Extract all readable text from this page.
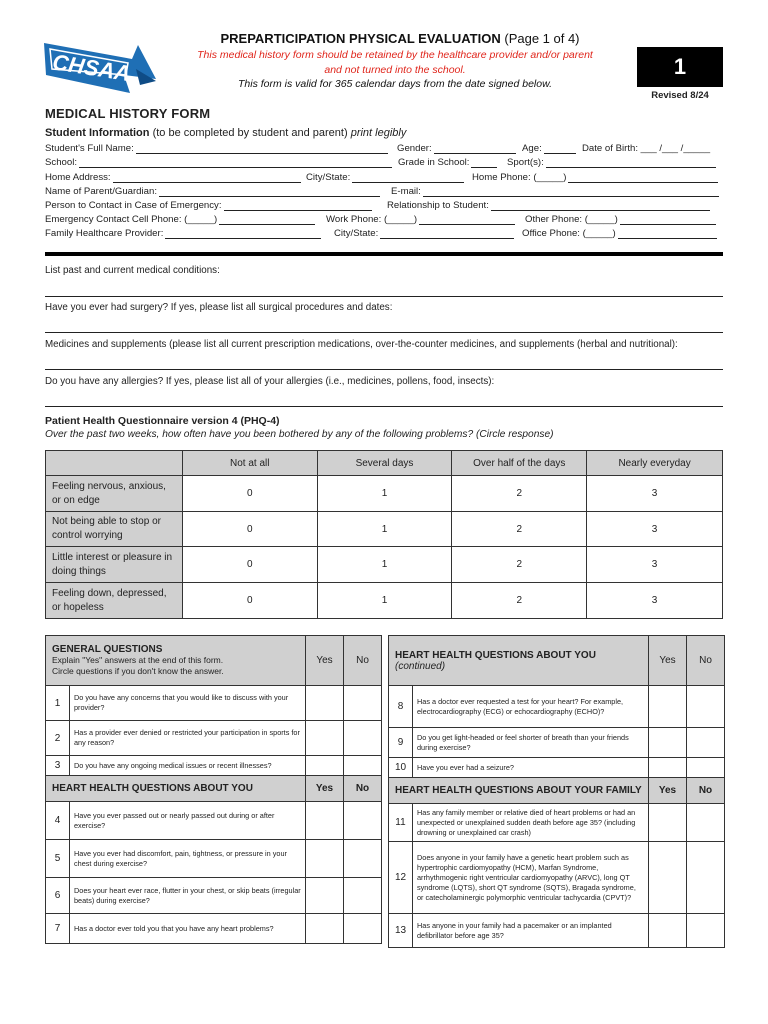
CHSAA
PREPARTICIPATION PHYSICAL EVALUATION (Page 1 of 4)
This medical history form should be retained by the healthcare provider and/or parent
and not turned into the school.
This form is valid for 365 calendar days from the date signed below.
1
Revised 8/24
MEDICAL HISTORY FORM
Student Information (to be completed by student and parent) print legibly
Student's Full Name:	Gender:	Age:	Date of Birth:
___ /___ /_____
School:	Grade in School:	Sport(s):
Home Address:	City/State:	Home Phone: (_____)
Name of Parent/Guardian:	E-mail:
Person to Contact in Case of Emergency:	Relationship to Student:
Emergency Contact Cell Phone: (_____)	Work Phone: (_____)	Other Phone: (_____)
Family Healthcare Provider:	City/State:	Office Phone: (_____)
List past and current medical conditions:
Have you ever had surgery? If yes, please list all surgical procedures and dates:
Medicines and supplements (please list all current prescription medications, over-the-counter medicines, and supplements (herbal and nutritional):
Do you have any allergies? If yes, please list all of your allergies (i.e., medicines, pollens, food, insects):
Patient Health Questionnaire version 4 (PHQ-4)
Over the past two weeks, how often have you been bothered by any of the following problems? (Circle response)
	Not at all	Several days	Over half of the days	Nearly everyday
Feeling nervous, anxious, or on edge	0	1	2	3
Not being able to stop or control worrying	0	1	2	3
Little interest or pleasure in doing things	0	1	2	3
Feeling down, depressed, or hopeless	0	1	2	3
GENERAL QUESTIONS
Explain "Yes" answers at the end of this form.
Circle questions if you don't know the answer.		Yes	No
1	Do you have any concerns that you would like to discuss with your provider?		
2	Has a provider ever denied or restricted your participation in sports for any reason?		
3	Do you have any ongoing medical issues or recent illnesses?		
HEART HEALTH QUESTIONS ABOUT YOU		Yes	No
4	Have you ever passed out or nearly passed out during or after exercise?		
5	Have you ever had discomfort, pain, tightness, or pressure in your chest during exercise?		
6	Does your heart ever race, flutter in your chest, or skip beats (irregular beats) during exercise?		
7	Has a doctor ever told you that you have any heart problems?		
HEART HEALTH QUESTIONS ABOUT YOU
(continued)		Yes	No
8	Has a doctor ever requested a test for your heart? For example, electrocardiography (ECG) or echocardiography (ECHO)?		
9	Do you get light-headed or feel shorter of breath than your friends during exercise?		
10	Have you ever had a seizure?		
HEART HEALTH QUESTIONS ABOUT YOUR FAMILY		Yes	No
11	Has any family member or relative died of heart problems or had an unexpected or unexplained sudden death before age 35? (including drowning or unexplained car crash)		
12	Does anyone in your family have a genetic heart problem such as hypertrophic cardiomyopathy (HCM), Marfan Syndrome, arrhythmogenic right ventricular cardiomyopathy (ARVC), long QT syndrome (LQTS), short QT syndrome (SQTS), Bragada syndrome, or catecholaminergic polymorphic ventricular tachycardia (CPVT)?		
13	Has anyone in your family had a pacemaker or an implanted defibrillator before age 35?		
